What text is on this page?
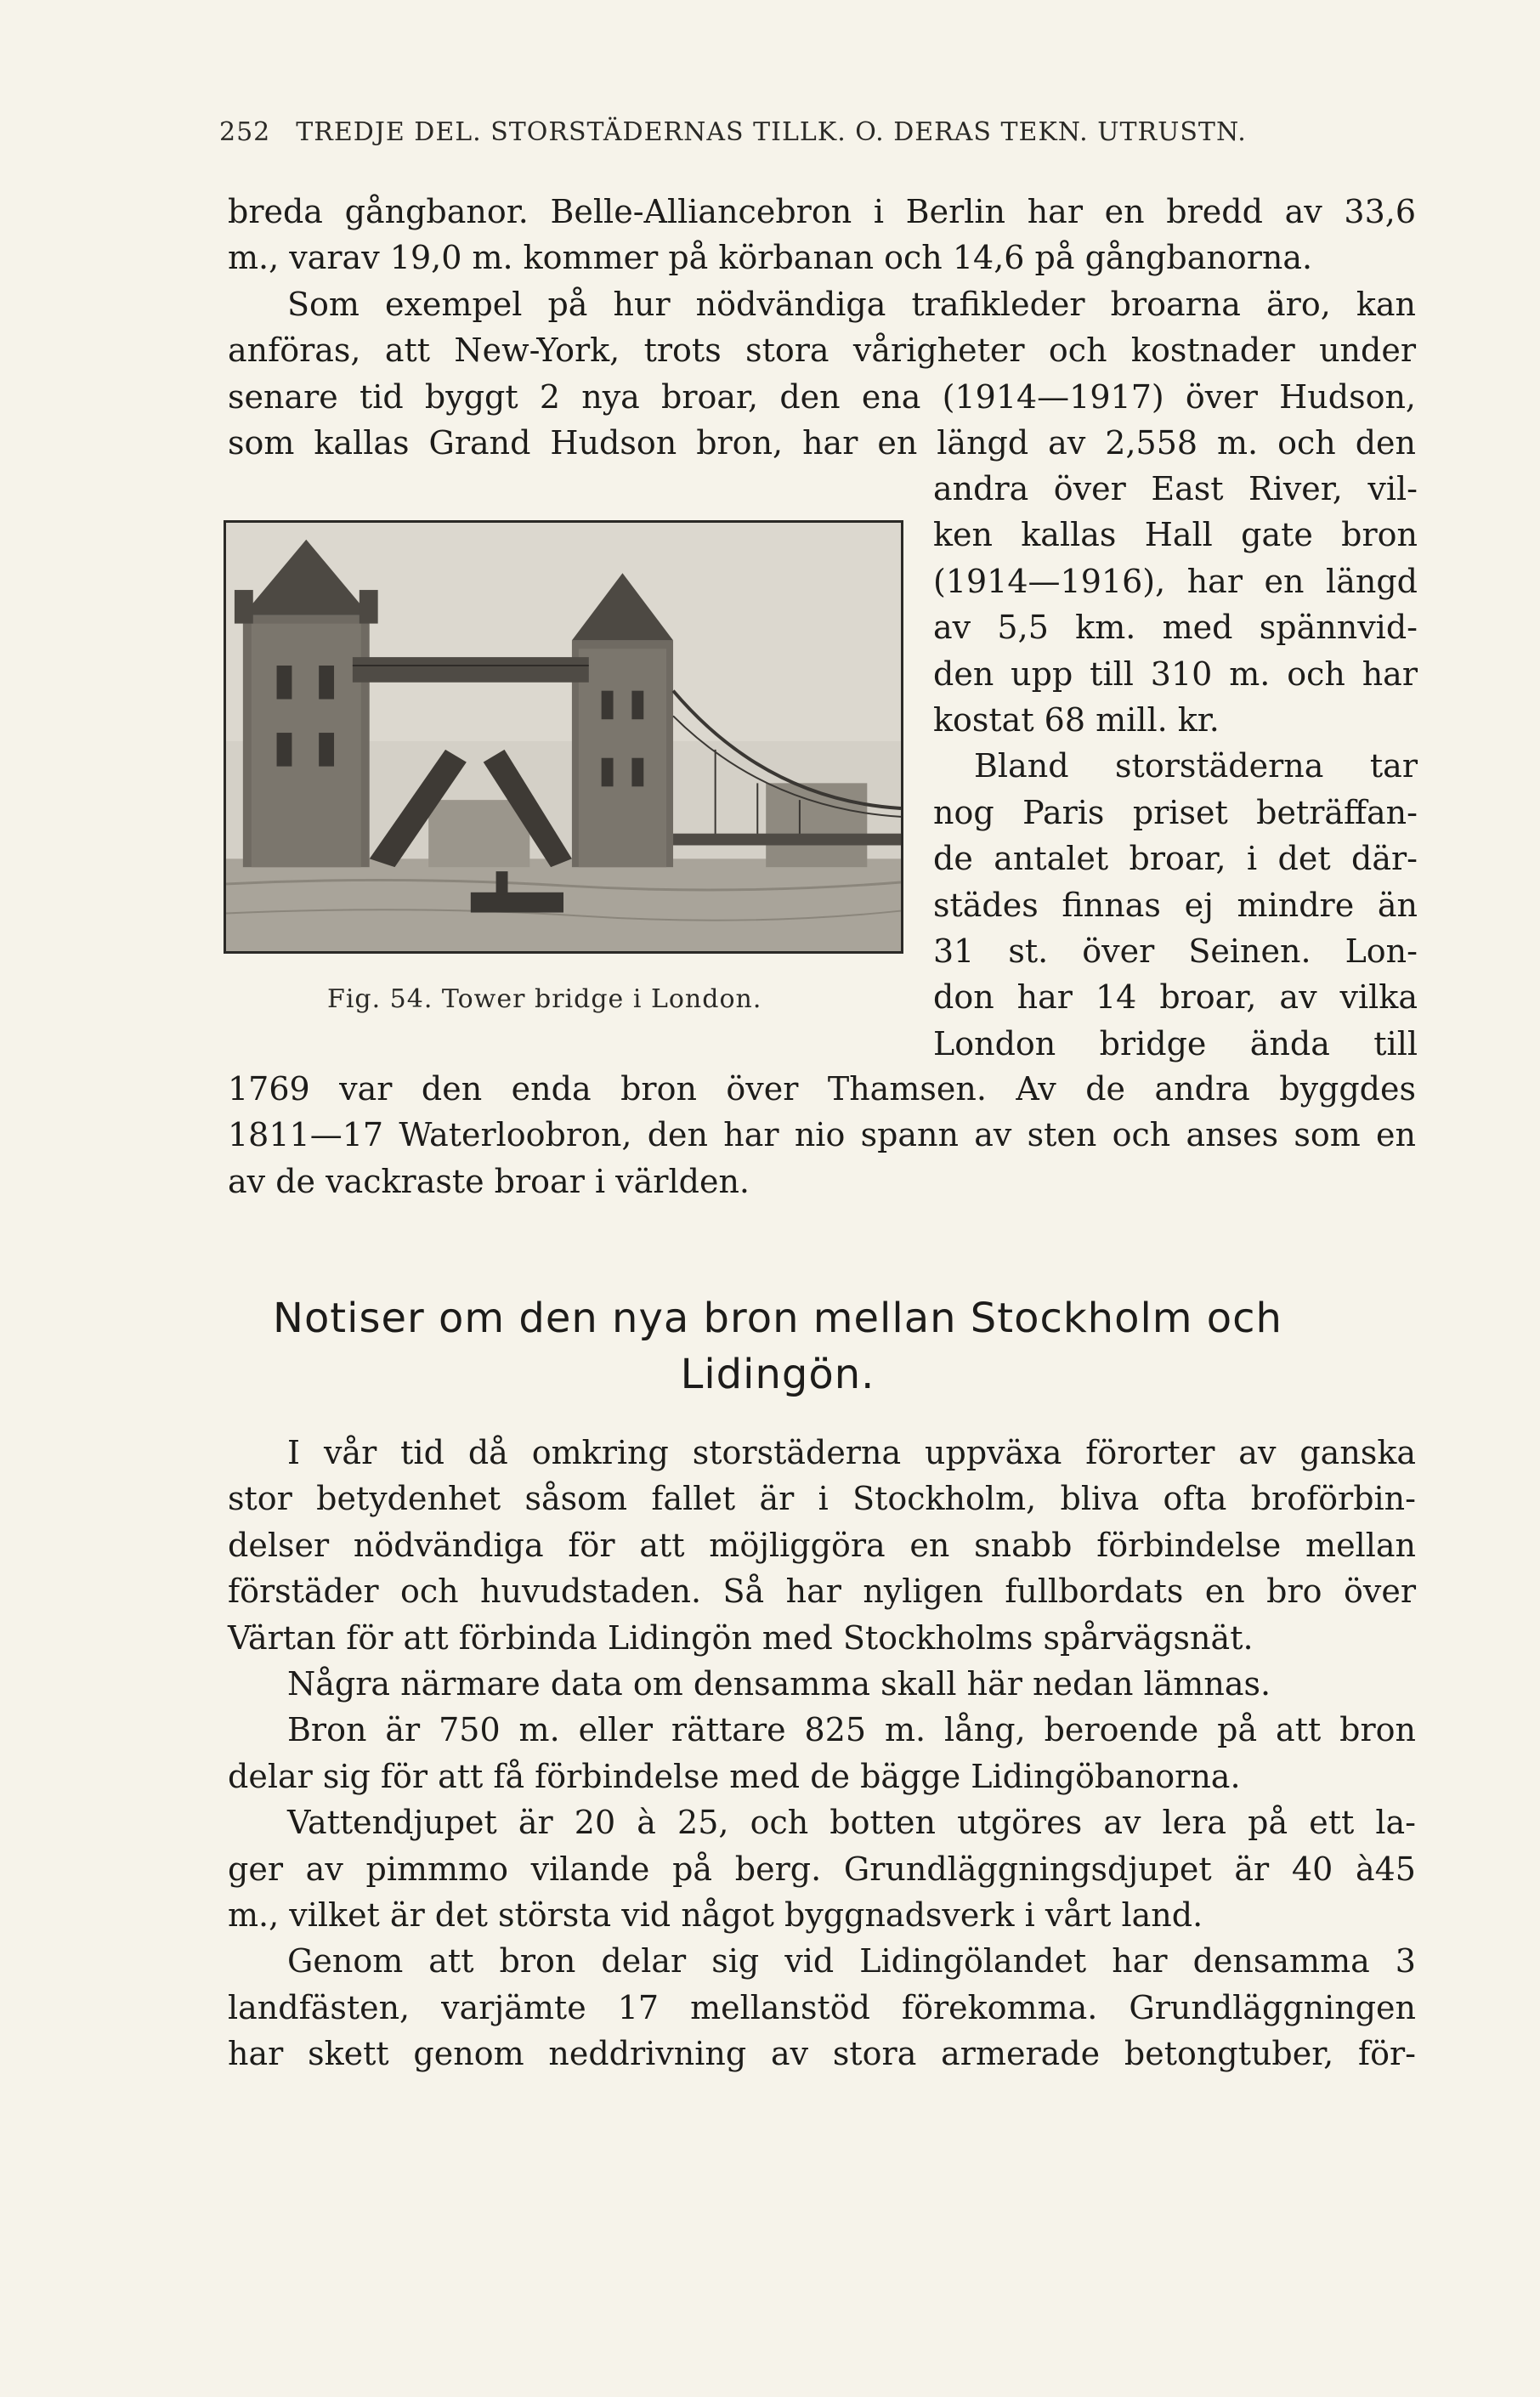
252 TREDJE DEL. STORSTÄDERNAS TILLK. O. DERAS TEKN. UTRUSTN.
breda gångbanor. Belle-Alliancebron i Berlin har en bredd av 33,6
m., varav 19,0 m. kommer på körbanan och 14,6 på gångbanorna.
Som exempel på hur nödvändiga trafikleder broarna äro, kan
anföras, att New-York, trots stora vårigheter och kostnader under
senare tid byggt 2 nya broar, den ena (1914—1917) över Hudson,
som kallas Grand Hudson bron, har en längd av 2,558 m. och den
Fig. 54. Tower bridge i London.
andra över East River, vil-
ken kallas Hall gate bron
(1914—1916), har en längd
av 5,5 km. med spännvid-
den upp till 310 m. och har
kostat 68 mill. kr.
Bland storstäderna tar
nog Paris priset beträffan-
de antalet broar, i det där-
städes finnas ej mindre än
31 st. över Seinen. Lon-
don har 14 broar, av vilka
London bridge ända till
1769 var den enda bron över Thamsen. Av de andra byggdes
1811—17 Waterloobron, den har nio spann av sten och anses som en
av de vackraste broar i världen.
Notiser om den nya bron mellan Stockholm och
Lidingön.
I vår tid då omkring storstäderna uppväxa förorter av ganska
stor betydenhet såsom fallet är i Stockholm, bliva ofta broförbin-
delser nödvändiga för att möjliggöra en snabb förbindelse mellan
förstäder och huvudstaden. Så har nyligen fullbordats en bro över
Värtan för att förbinda Lidingön med Stockholms spårvägsnät.
Några närmare data om densamma skall här nedan lämnas.
Bron är 750 m. eller rättare 825 m. lång, beroende på att bron
delar sig för att få förbindelse med de bägge Lidingöbanorna.
Vattendjupet är 20 à 25, och botten utgöres av lera på ett la-
ger av pimmmo vilande på berg. Grundläggningsdjupet är 40 à45
m., vilket är det största vid något byggnadsverk i vårt land.
Genom att bron delar sig vid Lidingölandet har densamma 3
landfästen, varjämte 17 mellanstöd förekomma. Grundläggningen
har skett genom neddrivning av stora armerade betongtuber, för-
